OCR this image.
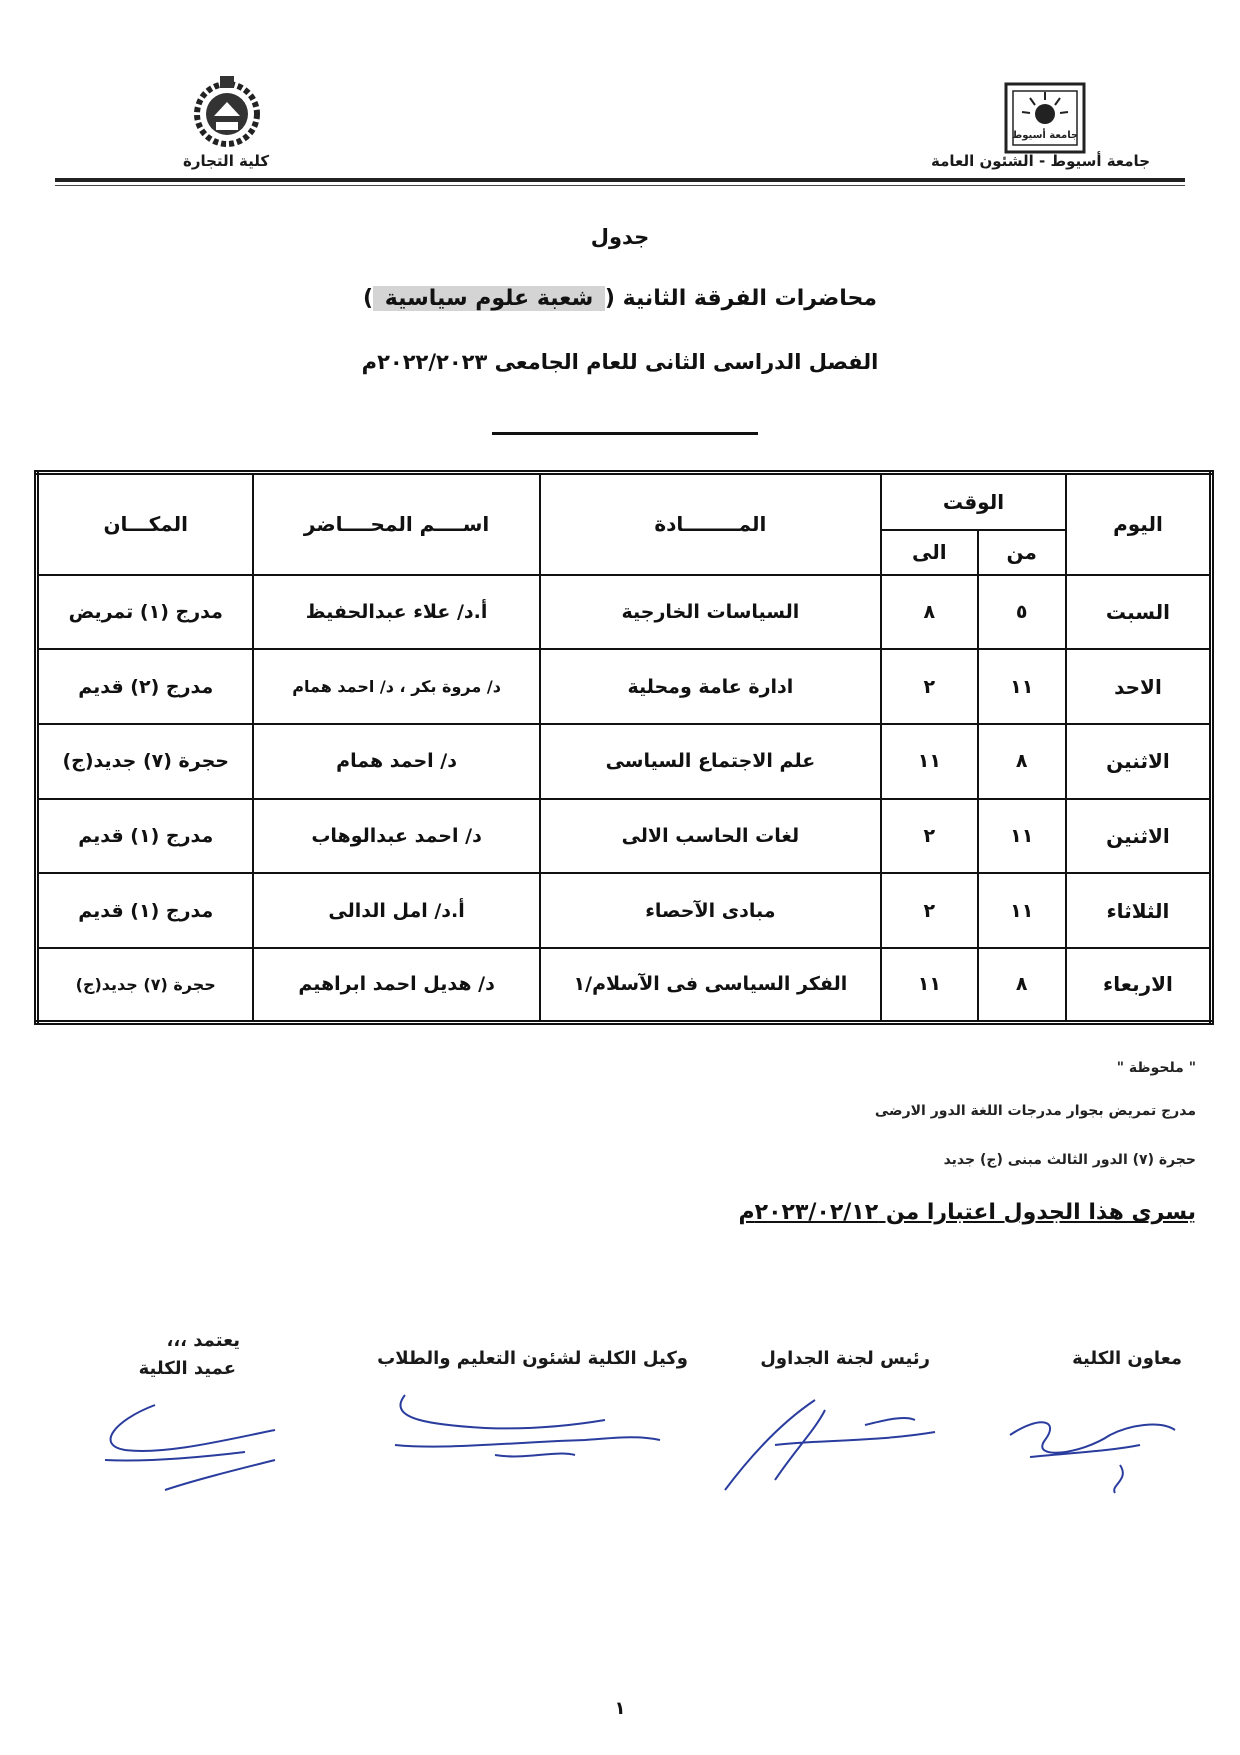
جامعة أسيوط
جامعة أسيوط - الشئون العامة
كلية التجارة
جدول
محاضرات الفرقة الثانية ( شعبة علوم سياسية )
الفصل الدراسى الثانى للعام الجامعى ٢٠٢٢/٢٠٢٣م
اليوم	الوقت		المــــــــادة	اســــم المحــــاضر	المكـــان
	من	الى			
السبت	٥	٨	السياسات الخارجية	أ.د/ علاء عبدالحفيظ	مدرج (١) تمريض
الاحد	١١	٢	ادارة عامة ومحلية	د/ مروة بكر ، د/ احمد همام	مدرج (٢) قديم
الاثنين	٨	١١	علم الاجتماع السياسى	د/ احمد همام	حجرة (٧) جديد(ج)
الاثنين	١١	٢	لغات الحاسب الالى	د/ احمد عبدالوهاب	مدرج (١) قديم
الثلاثاء	١١	٢	مبادى الآحصاء	أ.د/ امل الدالى	مدرج (١) قديم
الاربعاء	٨	١١	الفكر السياسى فى الآسلام/١	د/ هديل احمد ابراهيم	حجرة (٧) جديد(ج)
" ملحوظة "
مدرج تمريض بجوار مدرجات اللغة الدور الارضى
حجرة (٧) الدور الثالث مبنى (ج) جديد
يسرى هذا الجدول اعتبارا من ٢٠٢٣/٠٢/١٢م
معاون الكلية
رئيس لجنة الجداول
وكيل الكلية لشئون التعليم والطلاب
يعتمد ،،،
عميد الكلية
١
